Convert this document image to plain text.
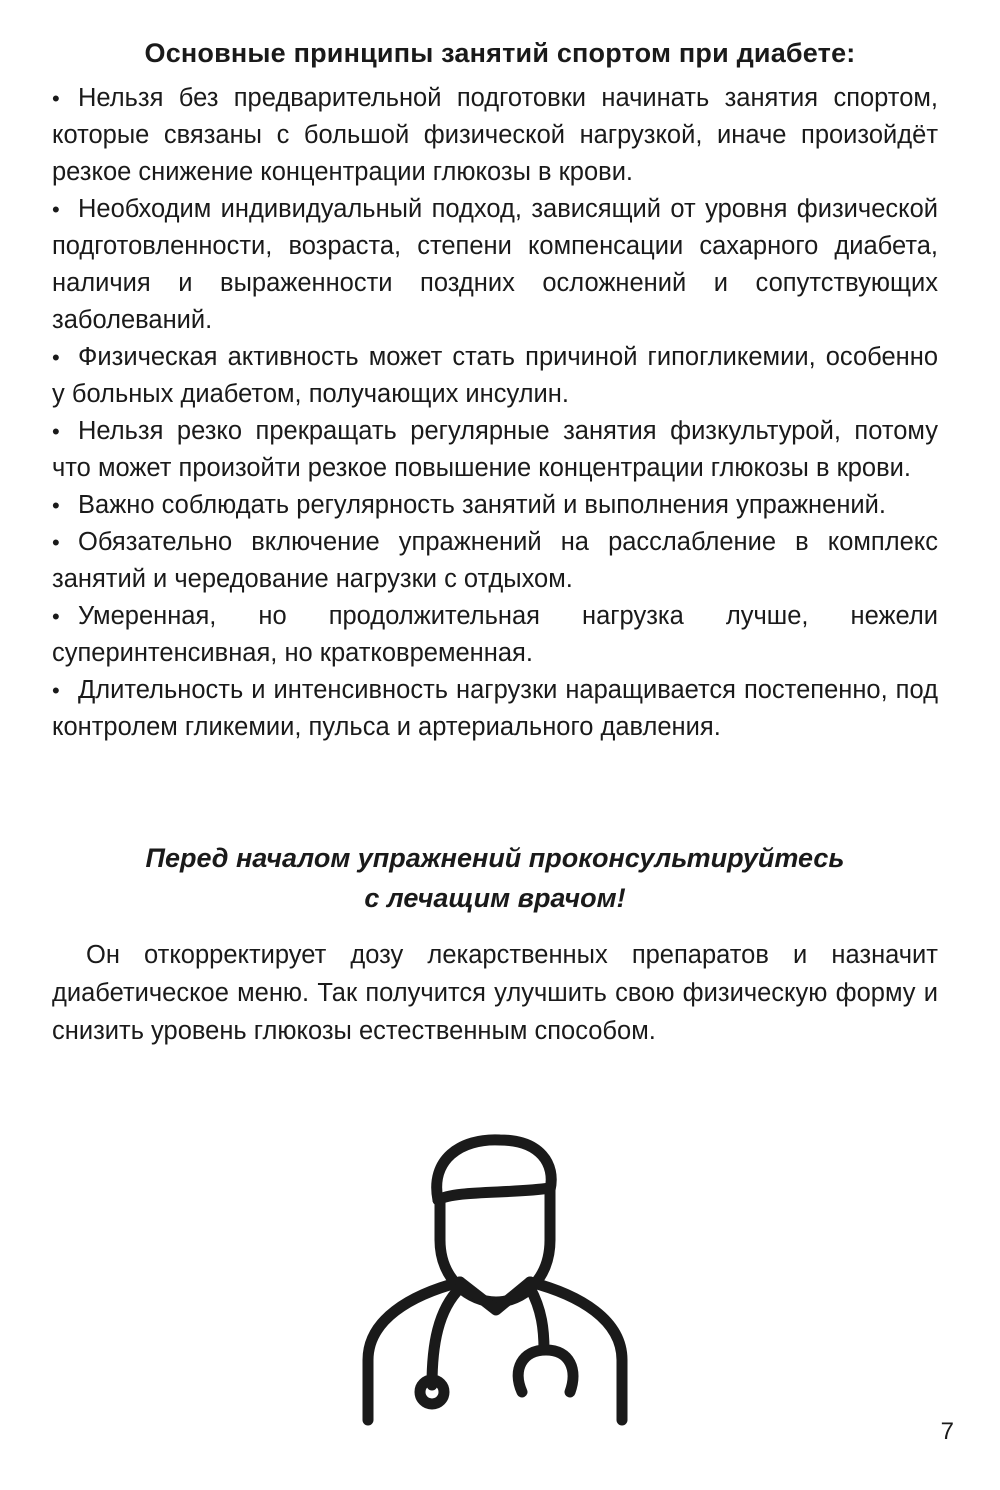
Основные принципы занятий спортом при диабете:
• Нельзя без предварительной подготовки начинать занятия спортом, которые связаны с большой физической нагрузкой, иначе произойдёт резкое снижение концентрации глюкозы в крови.
• Необходим индивидуальный подход, зависящий от уровня физической подготовленности, возраста, степени компенсации сахарного диабета, наличия и выраженности поздних осложнений и сопутствующих заболеваний.
• Физическая активность может стать причиной гипогликемии, особенно у больных диабетом, получающих инсулин.
• Нельзя резко прекращать регулярные занятия физкультурой, потому что может произойти резкое повышение концентрации глюкозы в крови.
• Важно соблюдать регулярность занятий и выполнения упражнений.
• Обязательно включение упражнений на расслабление в комплекс занятий и чередование нагрузки с отдыхом.
• Умеренная, но продолжительная нагрузка лучше, нежели суперинтенсивная, но кратковременная.
• Длительность и интенсивность нагрузки наращивается постепенно, под контролем гликемии, пульса и артериального давления.
Перед началом упражнений проконсультируйтесь
с лечащим врачом!

Он откорректирует дозу лекарственных препаратов и назначит диабетическое меню. Так получится улучшить свою физическую форму и снизить уровень глюкозы естественным способом.

7
